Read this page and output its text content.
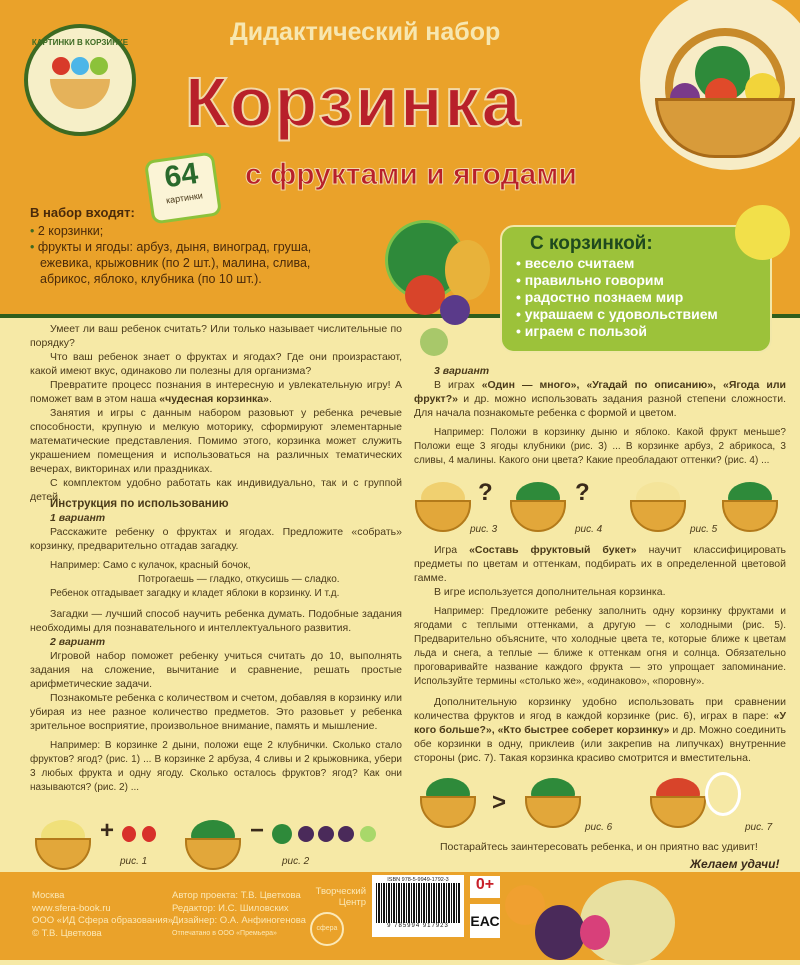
КАРТИНКИ В КОРЗИНКЕ	Дидактический набор
Корзинка
64
картинки
с фруктами и ягодами
В набор входят:
• 2 корзинки;
• фрукты и ягоды: арбуз, дыня, виноград, груша, ежевика, крыжовник (по 2 шт.), малина, слива, абрикос, яблоко, клубника (по 10 шт.).
С корзинкой:
• весело считаем
• правильно говорим
• радостно познаем мир
• украшаем с удовольствием
• играем с пользой

Умеет ли ваш ребенок считать? Или только называет числительные по порядку?

Что ваш ребенок знает о фруктах и ягодах? Где они произрастают, какой имеют вкус, одинаково ли полезны для организма?

Превратите процесс познания в интересную и увлекательную игру! А поможет вам в этом наша «чудесная корзинка».

Занятия и игры с данным набором разовьют у ребенка речевые способности, крупную и мелкую моторику, сформируют элементарные математические представления. Помимо этого, корзинка может служить украшением помещения и использоваться на различных тематических вечерах, викторинах или праздниках.

С комплектом удобно работать как индивидуально, так и с группой детей.

Инструкция по использованию

1 вариант

Расскажите ребенку о фруктах и ягодах. Предложите «собрать» корзинку, предварительно отгадав загадку.

Например: Само с кулачок, красный бочок,

Потрогаешь — гладко, откусишь — сладко.

Ребенок отгадывает загадку и кладет яблоки в корзинку. И т.д.

Загадки — лучший способ научить ребенка думать. Подобные задания необходимы для познавательного и интеллектуального развития.

2 вариант

Игровой набор поможет ребенку учиться считать до 10, выполнять задания на сложение, вычитание и сравнение, решать простые арифметические задачи.

Познакомьте ребенка с количеством и счетом, добавляя в корзинку или убирая из нее разное количество предметов. Это разовьет у ребенка зрительное восприятие, произвольное внимание, память и мышление.

Например: В корзинке 2 дыни, положи еще 2 клубнички. Сколько стало фруктов? ягод? (рис. 1) ... В корзинке 2 арбуза, 4 сливы и 2 крыжовника, убери 3 любых фрукта и одну ягоду. Сколько осталось фруктов? ягод? Как они называются? (рис. 2) ...

+
рис. 1
−
рис. 2

3 вариант

В играх «Один — много», «Угадай по описанию», «Ягода или фрукт?» и др. можно использовать задания разной степени сложности. Для начала познакомьте ребенка с формой и цветом.

Например: Положи в корзинку дыню и яблоко. Какой фрукт меньше? Положи еще 3 ягоды клубники (рис. 3) ... В корзинке арбуз, 2 абрикоса, 3 сливы, 4 малины. Какого они цвета? Какие преобладают оттенки? (рис. 4) ...

?
рис. 3
?
рис. 4	рис. 5

Игра «Составь фруктовый букет» научит классифицировать предметы по цветам и оттенкам, подбирать их в определенной цветовой гамме.

В игре используется дополнительная корзинка.

Например: Предложите ребенку заполнить одну корзинку фруктами и ягодами с теплыми оттенками, а другую — с холодными (рис. 5). Предварительно объясните, что холодные цвета те, которые ближе к цветам льда и снега, а теплые — ближе к оттенкам огня и солнца. Обязательно проговаривайте название каждого фрукта — это упрощает запоминание. Используйте термины «столько же», «одинаково», «поровну».

Дополнительную корзинку удобно использовать при сравнении количества фруктов и ягод в каждой корзинке (рис. 6), играх в паре: «У кого больше?», «Кто быстрее соберет корзинку» и др. Можно соединить обе корзинки в одну, приклеив (или закрепив на липучках) внутренние стороны (рис. 7). Такая корзинка красиво смотрится и вместительна.

>
рис. 6	рис. 7
Постарайтесь заинтересовать ребенка, и он приятно вас удивит!
Желаем удачи!
Москва
www.sfera-book.ru
ООО «ИД Сфера образования»
© Т.В. Цветкова
Автор проекта: Т.В. Цветкова
Редактор: И.С. Шиловских
Дизайнер: О.А. Анфиногенова
Отпечатано в ООО «Премьера»
Творческий
Центр
сфера
ISBN 978-5-9949-1792-3
9 785994 917923
0+
ЕАС
